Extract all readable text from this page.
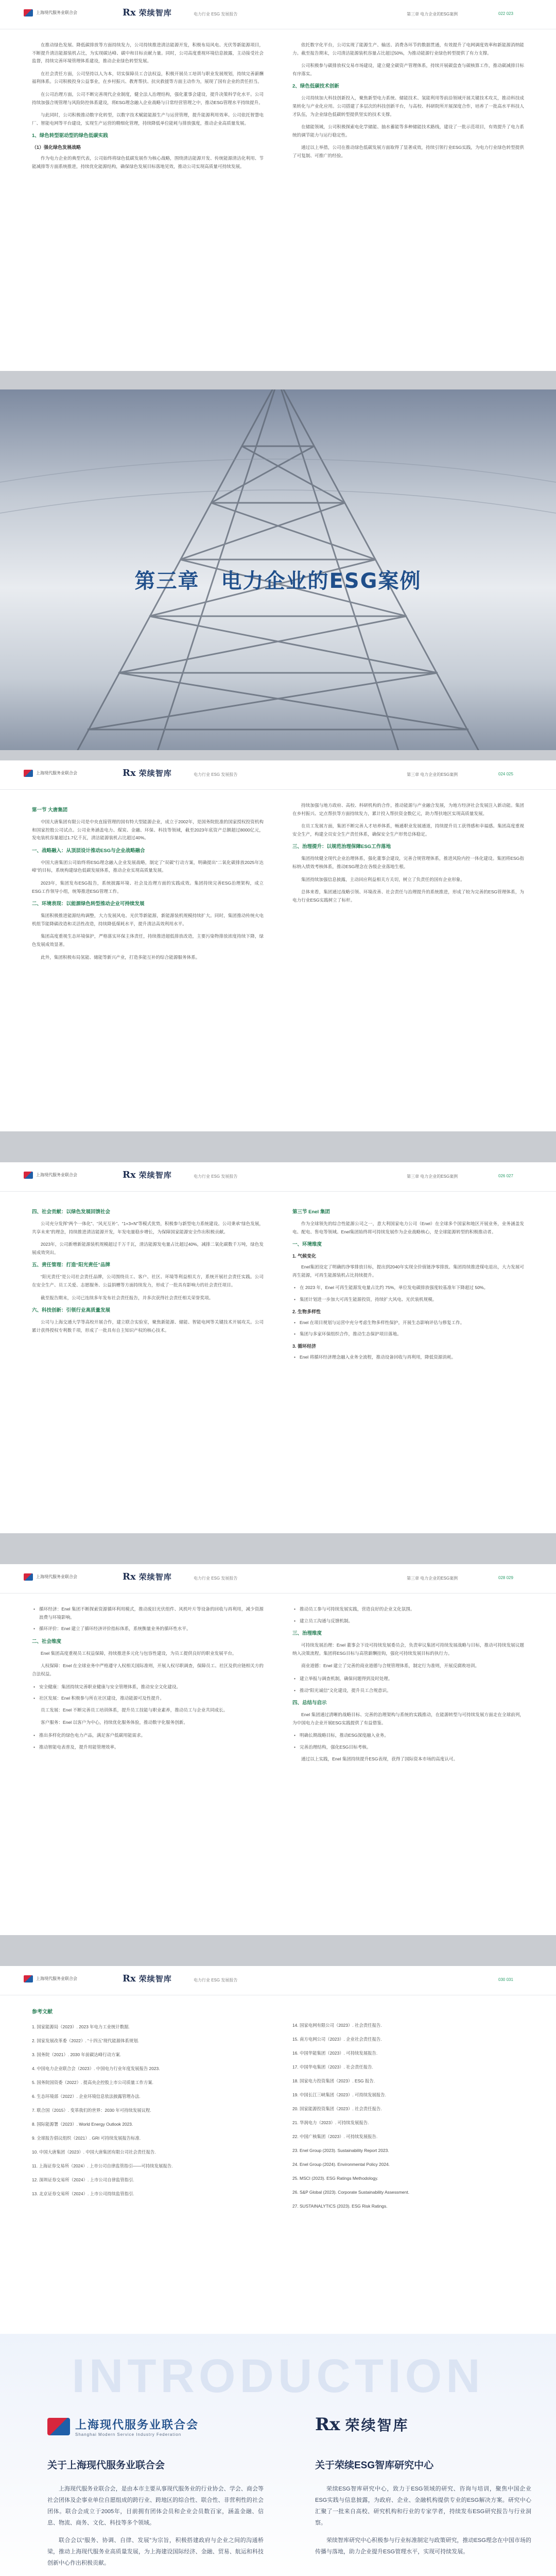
上海现代服务业联合会	Rx 荣续智库	电力行业 ESG 发展报告	第三章 电力企业的ESG案例	022 023

在推动绿色发展、降低碳排放等方面持续发力，公司持续推进清洁能源开发，积极布局风电、光伏等新能源项目，不断提升清洁能源装机占比，为实现碳达峰、碳中和目标贡献力量。同时，公司高度重视环境信息披露，主动接受社会监督，持续完善环境管理体系建设，推动企业绿色转型发展。

在社会责任方面，公司坚持以人为本，切实保障员工合法权益，积极开展员工培训与职业发展规划，持续完善薪酬福利体系。公司积极投身公益事业，在乡村振兴、教育帮扶、抗灾救援等方面主动作为，展现了国有企业的责任担当。

在公司治理方面，公司不断完善现代企业制度，健全法人治理结构，强化董事会建设，提升决策科学化水平。公司持续加强合规管理与风险防控体系建设，将ESG理念融入企业战略与日常经营管理之中，推动ESG管理水平持续提升。

与此同时，公司积极推动数字化转型，以数字技术赋能能源生产与运营管理，提升能源利用效率。公司依托智慧电厂、智能电网等平台建设，实现生产运营的精细化管理，持续降低单位能耗与排放强度，推动企业高质量发展。

1、绿色转型驱动型的绿色低碳实践

（1）强化绿色发展战略

作为电力企业的典型代表，公司始终将绿色低碳发展作为核心战略，围绕清洁能源开发、传统能源清洁化利用、节能减排等方面系统推进，持续优化能源结构，确保绿色发展目标落地见效，推动公司实现高质量可持续发展。

依托数字化平台，公司实现了能源生产、输送、消费各环节的数据贯通，有效提升了电网调度效率和新能源消纳能力。截至报告期末，公司清洁能源装机容量占比超过50%，为推动能源行业绿色转型提供了有力支撑。

公司积极参与碳排放权交易市场建设，建立健全碳资产管理体系，持续开展碳盘查与碳核算工作，推动碳减排目标有序落实。

2、绿色低碳技术创新

公司持续加大科技创新投入，聚焦新型电力系统、储能技术、氢能利用等前沿领域开展关键技术攻关，推动科技成果转化与产业化应用。公司搭建了多层次的科技创新平台，与高校、科研院所开展深度合作，培养了一批高水平科技人才队伍，为企业绿色低碳转型提供坚实的技术支撑。

在储能领域，公司积极探索电化学储能、抽水蓄能等多种储能技术路线，建设了一批示范项目，有效提升了电力系统的调节能力与运行稳定性。

通过以上举措，公司在推动绿色低碳发展方面取得了显著成效，持续引领行业ESG实践，为电力行业绿色转型提供了可复制、可推广的经验。

第三章　电力企业的ESG案例
上海现代服务业联合会	Rx 荣续智库	电力行业 ESG 发展报告	第三章 电力企业的ESG案例	024 025

第一节 大唐集团

中国大唐集团有限公司是中央直接管理的国有特大型能源企业，成立于2002年，是国务院批准的国家授权投资机构和国家控股公司试点。公司业务涵盖电力、煤炭、金融、环保、科技等领域，截至2023年底资产总额超过8000亿元，发电装机容量超过1.7亿千瓦，清洁能源装机占比超过40%。

一、战略融入：从顶层设计推动ESG与企业战略融合

中国大唐集团公司始终将ESG理念融入企业发展战略，制定了“双碳”行动方案，明确提出“二氧化碳排放2025年达峰”的目标，系统构建绿色低碳发展体系，推动企业实现高质量发展。

2023年，集团发布ESG报告，系统披露环境、社会及治理方面的实践成效。集团持续完善ESG治理架构，成立ESG工作领导小组，统筹推进ESG管理工作。

二、环境表现：以能源绿色转型推动企业可持续发展

集团积极推进能源结构调整，大力发展风电、光伏等新能源，新能源装机规模持续扩大。同时，集团推动传统火电机组节能降碳改造和灵活性改造，持续降低煤耗水平，提升清洁高效利用水平。

集团高度重视生态环境保护，严格落实环保主体责任，持续推进超低排放改造，主要污染物排放浓度持续下降，绿色发展成效显著。

此外，集团积极布局氢能、储能等新兴产业，打造多能互补的综合能源服务体系。

持续加强与地方政府、高校、科研机构的合作，推动能源与产业融合发展，为地方经济社会发展注入新动能。集团在乡村振兴、定点帮扶等方面持续发力，累计投入帮扶资金数亿元，助力帮扶地区实现高质量发展。

在员工发展方面，集团不断完善人才培养体系，畅通职业发展通道，持续提升员工获得感和幸福感。集团高度重视安全生产，构建全员安全生产责任体系，确保安全生产形势总体稳定。

三、治理提升：以规范治理保障ESG工作落地

集团持续健全现代企业治理体系，强化董事会建设，完善合规管理体系，推进风险内控一体化建设。集团将ESG指标纳入绩效考核体系，推动ESG理念在各级企业落地生根。

集团持续加强信息披露，主动回应利益相关方关切，树立了负责任的国有企业形象。

总体来看，集团通过战略引领、环境改善、社会责任与治理提升的系统推进，形成了较为完善的ESG管理体系，为电力行业ESG实践树立了标杆。

上海现代服务业联合会	Rx 荣续智库	电力行业 ESG 发展报告	第三章 电力企业的ESG案例	026 027

四、社会贡献：以绿色发展回馈社会

公司充分发挥“两个一体化”、“风光互补”、“1+3+N”等模式优势，积极参与新型电力系统建设。公司秉承“绿色发展，共享未来”的理念，持续推进清洁能源开发，年发电量稳步增长，为保障国家能源安全作出积极贡献。

2023年，公司新增新能源装机规模超过千万千瓦，清洁能源发电量占比超过40%，减排二氧化碳数千万吨，绿色发展成效突出。

五、责任管理：打造“阳光责任”品牌

“阳光责任”是公司社会责任品牌，公司围绕员工、客户、社区、环境等利益相关方，系统开展社会责任实践。公司在安全生产、员工关爱、志愿服务、公益捐赠等方面持续发力，形成了一批具有影响力的社会责任项目。

截至报告期末，公司已连续多年发布社会责任报告，并多次获得社会责任相关荣誉奖项。

六、科技创新：引领行业高质量发展

公司与上海交通大学等高校开展合作，建立联合实验室，聚焦新能源、储能、智能电网等关键技术开展攻关。公司累计获得授权专利数千项，形成了一批具有自主知识产权的核心技术。

第三节 Enel 集团

作为全球领先的综合性能源公司之一，意大利国家电力公司（Enel）在全球多个国家和地区开展业务，业务涵盖发电、配电、售电等领域。Enel集团始终将可持续发展作为企业战略核心，是全球能源转型的积极推动者。

一、环境维度

1. 气候变化

Enel集团设定了明确的净零排放目标，提出到2040年实现全价值链净零排放。集团持续推进煤电退出，大力发展可再生能源，可再生能源装机占比持续提升。

• 在 2023 年，Enel 可再生能源发电量占比约 75%，单位发电碳排放强度较基准年下降超过 50%。

• 集团计划进一步加大可再生能源投资，持续扩大风电、光伏装机规模。

2. 生物多样性

• Enel 在项目规划与运营中充分考虑生物多样性保护，开展生态影响评估与修复工作。

• 集团与多家环保组织合作，推动生态保护项目落地。

3. 循环经济

• Enel 将循环经济理念融入业务全流程，推动设备回收与再利用，降低资源消耗。

上海现代服务业联合会	Rx 荣续智库	电力行业 ESG 发展报告	第三章 电力企业的ESG案例	028 029

• 循环经济：Enel 集团不断探索资源循环利用模式，推动废旧光伏组件、风机叶片等设备的回收与再利用，减少资源浪费与环境影响。

• 循环评价：Enel 建立了循环经济评价指标体系，系统衡量业务的循环性水平。

二、社会维度

Enel 集团高度重视员工权益保障，持续推进多元化与包容性建设，为员工提供良好的职业发展平台。

人权保障：Enel 在全球业务中严格遵守人权相关国际准则，开展人权尽职调查，保障员工、社区及供应链相关方的合法权益。

• 安全健康：集团持续完善职业健康与安全管理体系，推动安全文化建设。

• 社区发展：Enel 积极参与所在社区建设，推动能源可及性提升。

员工发展：Enel 不断完善员工培训体系，提升员工技能与职业素养，推动员工与企业共同成长。

客户服务：Enel 以客户为中心，持续优化服务体验，推动数字化服务创新。

• 推出多样化的绿色电力产品，满足客户低碳用能需求。

• 推动智能电表普及，提升用能管理效率。

• 推动员工参与可持续发展实践，营造良好的企业文化氛围。

• 建立员工沟通与反馈机制。

三、治理维度

可持续发展治理：Enel 董事会下设可持续发展委员会，负责审议集团可持续发展战略与目标，推动可持续发展议题纳入决策流程。集团将ESG目标与高管薪酬挂钩，强化可持续发展目标的执行力。

商业道德：Enel 建立了完善的商业道德与合规管理体系，制定行为准则，开展反腐败培训。

• 建立举报与调查机制，确保问题得到及时处理。

• 推动“阳光诚信”文化建设，提升员工合规意识。

四、总结与启示

Enel 集团通过清晰的战略目标、完善的治理架构与系统的实践推动，在能源转型与可持续发展方面走在全球前列，为中国电力企业开展ESG实践提供了有益借鉴。

• 明确长期战略目标，推动ESG深度融入业务。

• 完善治理结构，强化ESG目标考核。

通过以上实践，Enel 集团持续提升ESG表现，获得了国际资本市场的高度认可。

上海现代服务业联合会	Rx 荣续智库	电力行业 ESG 发展报告	030 031
参考文献
1. 国家能源局（2023）. 2023 年电力工业统计数据.
2. 国家发展改革委（2022）. “十四五”现代能源体系规划.
3. 国务院（2021）. 2030 年前碳达峰行动方案.
4. 中国电力企业联合会（2023）. 中国电力行业年度发展报告 2023.
5. 国务院国资委（2022）. 提高央企控股上市公司质量工作方案.
6. 生态环境部（2022）. 企业环境信息依法披露管理办法.
7. 联合国（2015）. 变革我们的世界：2030 年可持续发展议程.
8. 国际能源署（2023）. World Energy Outlook 2023.
9. 全球报告倡议组织（2021）. GRI 可持续发展报告标准.
10. 中国大唐集团（2023）. 中国大唐集团有限公司社会责任报告.
11. 上海证券交易所（2024）. 上市公司自律监管指引——可持续发展报告.
12. 深圳证券交易所（2024）. 上市公司自律监管指引.
13. 北京证券交易所（2024）. 上市公司持续监管指引.
14. 国家电网有限公司（2023）. 社会责任报告.
15. 南方电网公司（2023）. 企业社会责任报告.
16. 中国华能集团（2023）. 可持续发展报告.
17. 中国华电集团（2023）. 社会责任报告.
18. 国家电力投资集团（2023）. ESG 报告.
19. 中国长江三峡集团（2023）. 可持续发展报告.
20. 国家能源投资集团（2023）. 社会责任报告.
21. 华润电力（2023）. 可持续发展报告.
22. 中国广核集团（2023）. 可持续发展报告.
23. Enel Group (2023). Sustainability Report 2023.
24. Enel Group (2024). Environmental Policy 2024.
25. MSCI (2023). ESG Ratings Methodology.
26. S&P Global (2023). Corporate Sustainability Assessment.
27. SUSTAINALYTICS (2023). ESG Risk Ratings.
INTRODUCTION
上海现代服务业联合会
Shanghai Modern Service Industry Federation	Rx 荣续智库
关于上海现代服务业联合会	关于荣续ESG智库研究中心

上海现代服务业联合会，是由本市主要从事现代服务业的行业协会、学会、商会等社会团体及企事业单位自愿组成的跨行业、跨地区的综合性、联合性、非营利性的社会团体。联合会成立于2005年，目前拥有团体会员和企业会员数百家，涵盖金融、信息、物流、商务、文化、科技等多个领域。

联合会以“服务、协调、自律、发展”为宗旨，积极搭建政府与企业之间的沟通桥梁，推动上海现代服务业高质量发展，为上海建设国际经济、金融、贸易、航运和科技创新中心作出积极贡献。

荣续ESG智库研究中心，致力于ESG领域的研究、咨询与培训，聚焦中国企业ESG实践与信息披露，为政府、企业、金融机构提供专业的ESG解决方案。研究中心汇聚了一批来自高校、研究机构和行业的专家学者，持续发布ESG研究报告与行业洞察。

荣续智库研究中心积极参与行业标准制定与政策研究，推动ESG理念在中国市场的传播与落地，助力企业提升ESG管理水平，实现可持续发展。
